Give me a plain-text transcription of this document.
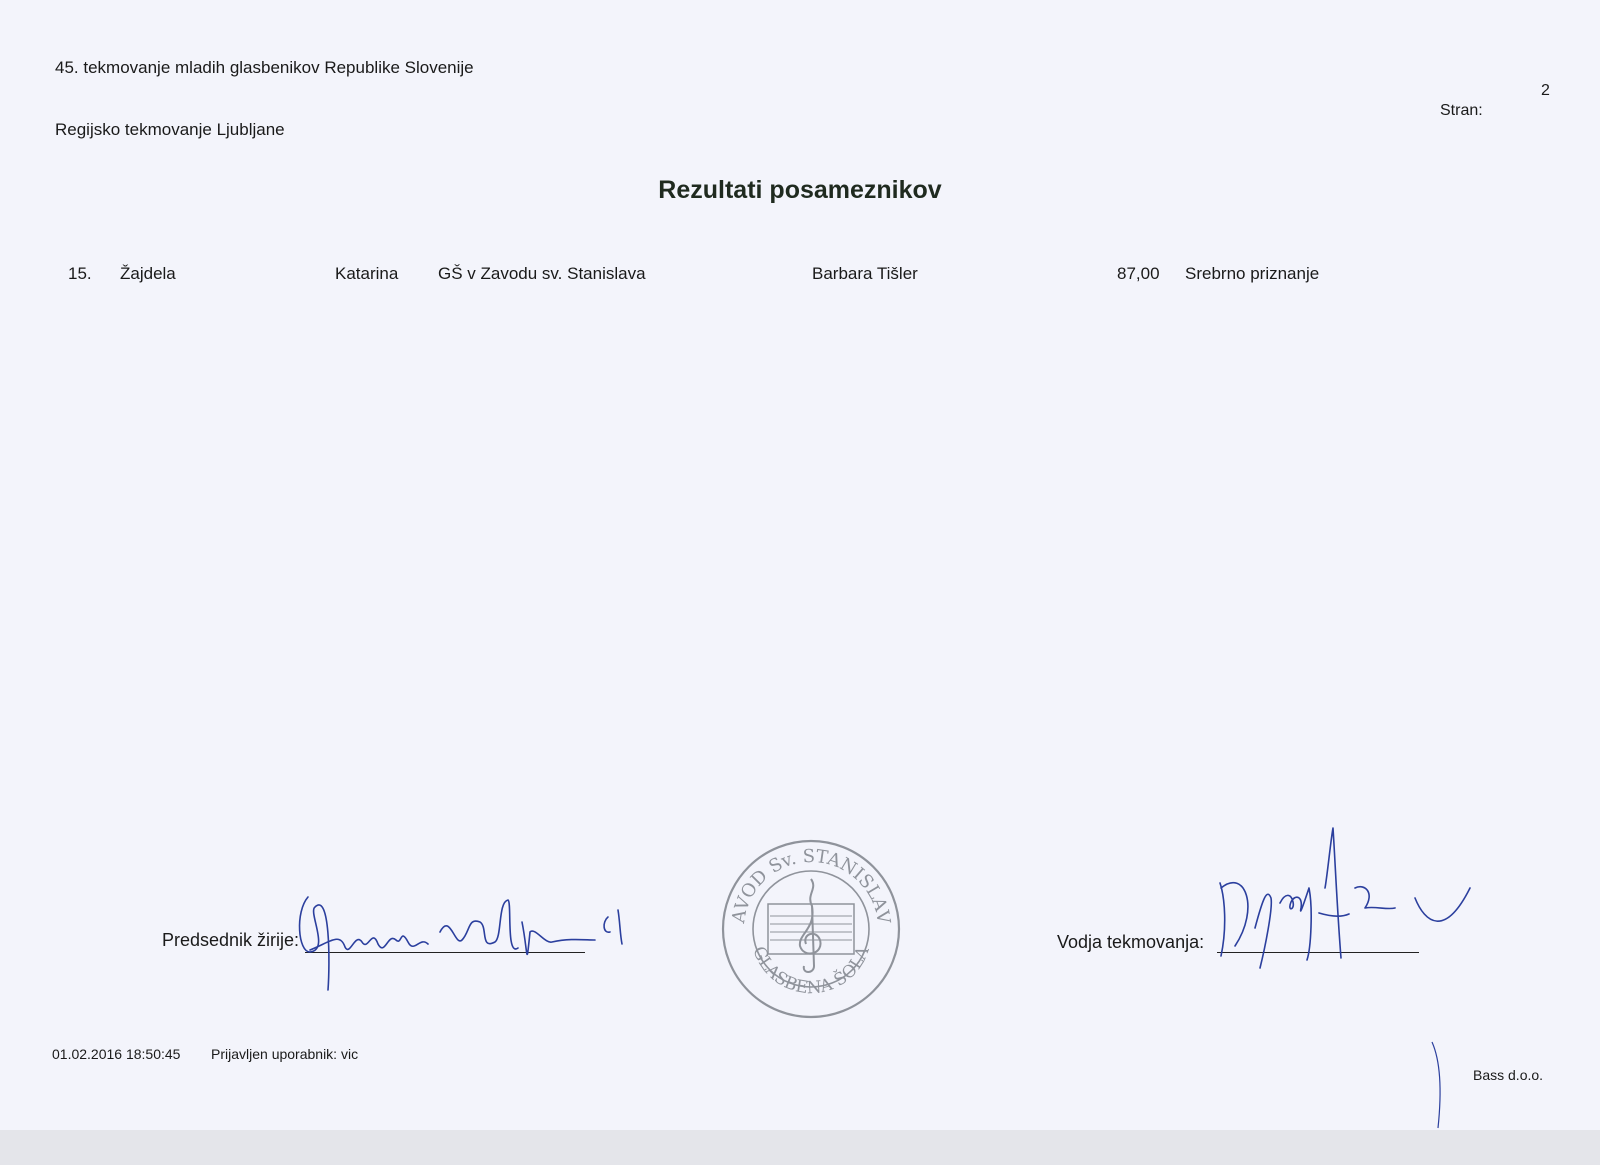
45. tekmovanje mladih glasbenikov Republike Slovenije
Regijsko tekmovanje Ljubljane
Stran:
2
Rezultati posameznikov
15. Žajdela	Katarina GŠ v Zavodu sv. Stanislava	Barbara Tišler	87,00 Srebrno priznanje
Predsednik žirije:
+ZAVOD Sv. STANISLAVA+
GLASBENA ŠOLA
Vodja tekmovanja:
01.02.2016 18:50:45 Prijavljen uporabnik: vic
Bass d.o.o.
